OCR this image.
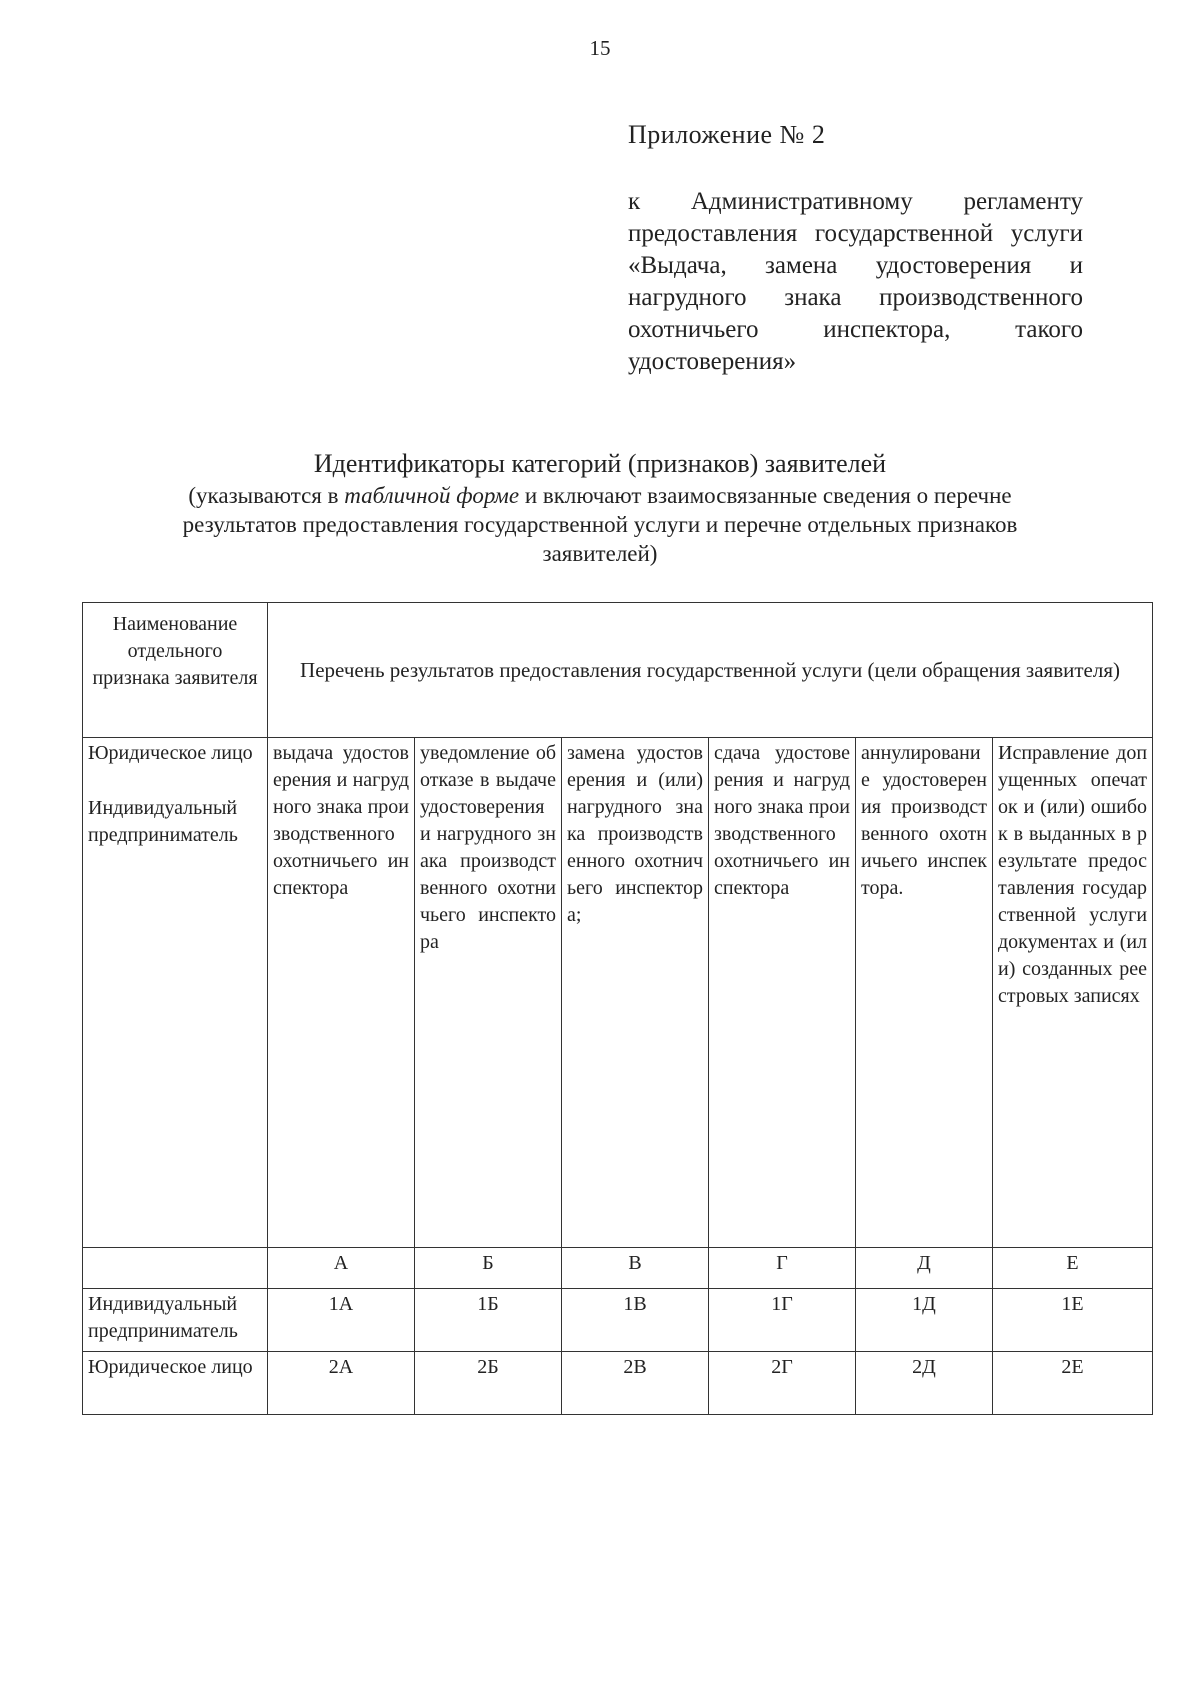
15
Приложение № 2
к Административному регламенту предоставления государственной услуги «Выдача, замена удостоверения и нагрудного знака производственного охотничьего инспектора, такого удостоверения»
Идентификаторы категорий (признаков) заявителей
(указываются в табличной форме и включают взаимосвязанные сведения о перечне результатов предоставления государственной услуги и перечне отдельных признаков заявителей)
Наименование отдельного признака заявителя	Перечень результатов предоставления государственной услуги (цели обращения заявителя)					
Юридическое лицо
Индивидуальный предприниматель	выдача удостоверения и нагрудного знака производственного охотничьего инспектора	уведомление об отказе в выдаче удостоверения и нагрудного знака производственного охотничьего инспектора	замена удостоверения и (или) нагрудного знака производственного охотничьего инспектора;	сдача удостоверения и нагрудного знака производственного охотничьего инспектора	аннулирование удостоверения производственного охотничьего инспектора.	Исправление допущенных опечаток и (или) ошибок в выданных в результате предоставления государственной услуги документах и (или) созданных реестровых записях
	А	Б	В	Г	Д	Е
Индивидуальный предприниматель	1А	1Б	1В	1Г	1Д	1Е
Юридическое лицо	2А	2Б	2В	2Г	2Д	2Е
